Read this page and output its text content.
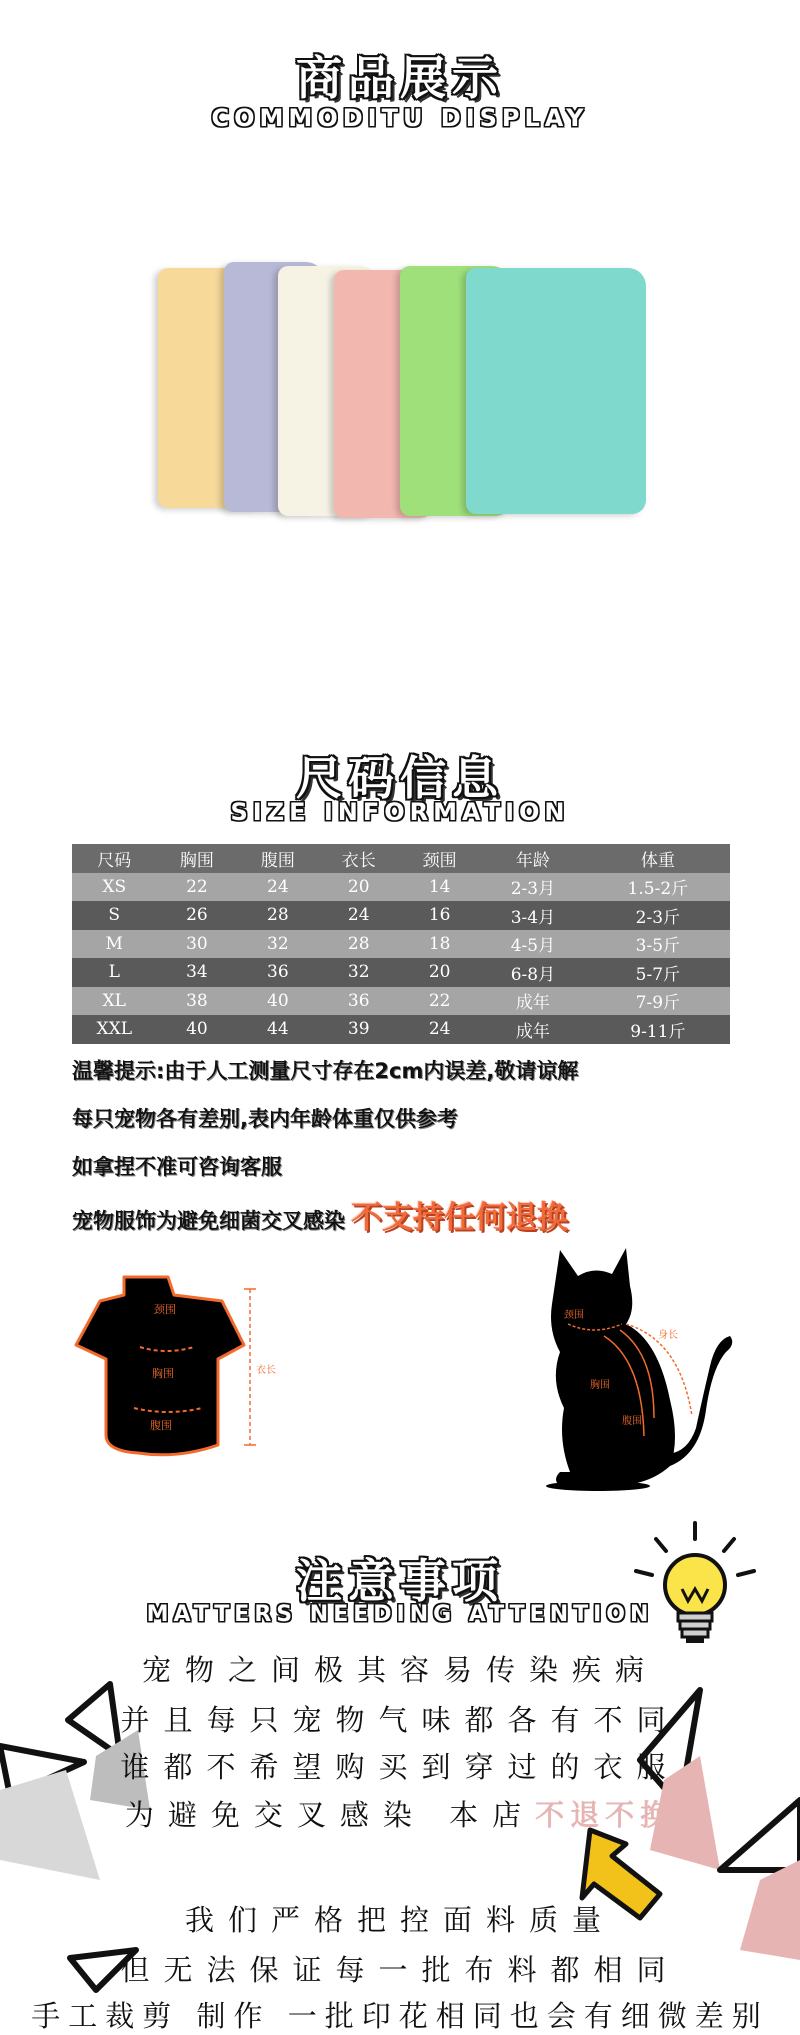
商品展示
COMMODITU DISPLAY
尺码信息
SIZE INFORMATION
尺码	胸围	腹围	衣长	颈围	年龄	体重
XS	22	24	20	14	2-3月	1.5-2斤
S	26	28	24	16	3-4月	2-3斤
M	30	32	28	18	4-5月	3-5斤
L	34	36	32	20	6-8月	5-7斤
XL	38	40	36	22	成年	7-9斤
XXL	40	44	39	24	成年	9-11斤
温馨提示:由于人工测量尺寸存在2cm内误差,敬请谅解
每只宠物各有差别,表内年龄体重仅供参考
如拿捏不准可咨询客服
宠物服饰为避免细菌交叉感染 不支持任何退换
颈围
胸围
腹围
衣长
颈围
胸围
腹围
身长
注意事项
MATTERS NEEDING ATTENTION
宠物之间极其容易传染疾病
并且每只宠物气味都各有不同
谁都不希望购买到穿过的衣服
为避免交叉感染 本店不退不换
我们严格把控面料质量
但无法保证每一批布料都相同
手工裁剪 制作 一批印花相同也会有细微差别
